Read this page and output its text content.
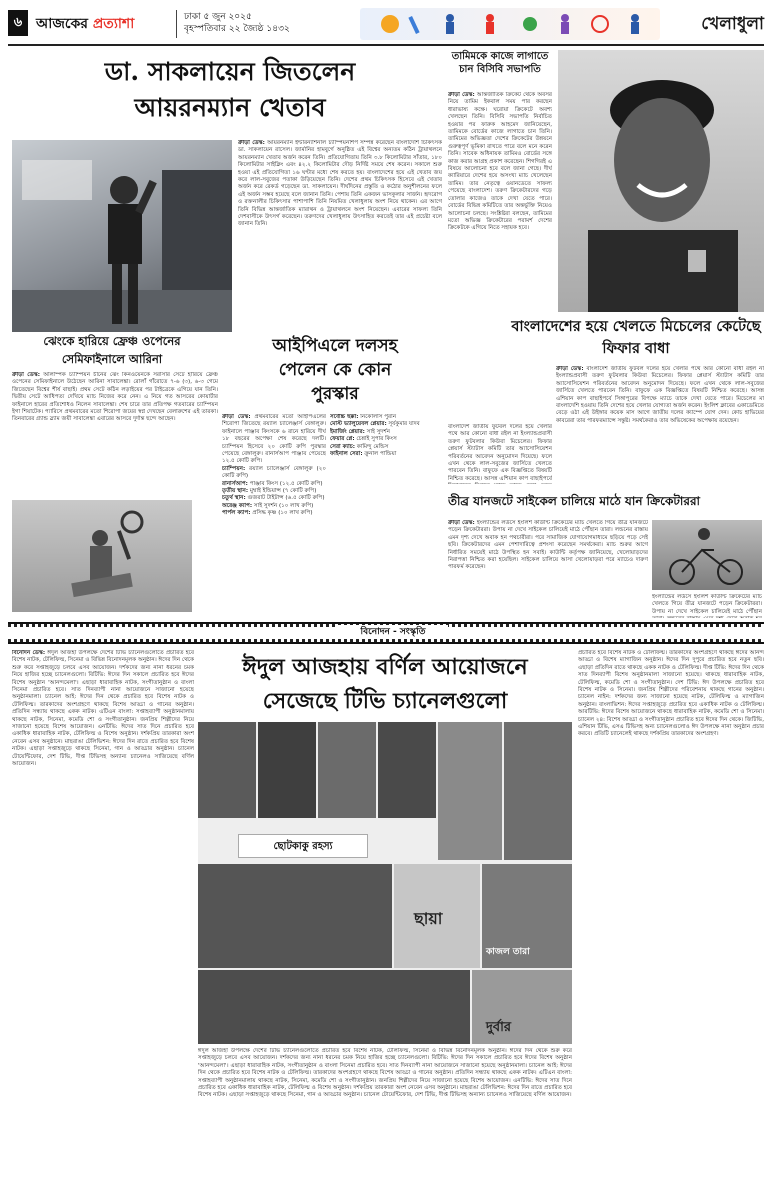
৬ আজকের প্রত্যাশা	ঢাকা ৫ জুন ২০২৫
বৃহস্পতিবার ২২ জ্যৈষ্ঠ ১৪৩২	খেলাধুলা
ডা. সাকলায়েন জিতলেন
আয়রনম্যান খেতাব
ক্রীড়া ডেস্ক: আয়রনম্যান ইন্টারন্যাশনাল চ্যাম্পিয়নশিপ সম্পন্ন করেছেন বাংলাদেশি চিকিৎসক ডা. সাকলায়েন রাসেল। জার্মানির হামবুর্গে অনুষ্ঠিত এই বিশ্বের অন্যতম কঠিন ট্রায়াথলনে আয়রনম্যান খেতাব অর্জন করেন তিনি। প্রতিযোগিতায় তিনি ৩.৮ কিলোমিটার সাঁতার, ১৮০ কিলোমিটার সাইক্লিং এবং ৪২.২ কিলোমিটার দৌড় নির্দিষ্ট সময়ে শেষ করেন। সকালে শুরু হওয়া এই প্রতিযোগিতা ১৬ ঘণ্টার মধ্যে শেষ করতে হয়। বাংলাদেশের হয়ে এই খেতাব জয় করে লাল-সবুজের পতাকা উড়িয়েছেন তিনি। দেশের প্রথম চিকিৎসক হিসেবে এই খেতাব অর্জন করে রেকর্ড গড়েছেন ডা. সাকলায়েন। দীর্ঘদিনের প্রস্তুতি ও কঠোর অনুশীলনের ফলে এই অর্জন সম্ভব হয়েছে বলে জানান তিনি। পেশায় তিনি একজন ভাসকুলার সার্জন। হৃদরোগ ও রক্তনালীর চিকিৎসার পাশাপাশি তিনি নিয়মিত খেলাধুলায় অংশ নিয়ে থাকেন। এর আগে তিনি বিভিন্ন আন্তর্জাতিক ম্যারাথন ও ট্রায়াথলনে অংশ নিয়েছেন। এবারের সাফল্য তিনি দেশবাসীকে উৎসর্গ করেছেন। তরুণদের খেলাধুলায় উৎসাহিত করতেই তার এই প্রচেষ্টা বলে জানান তিনি।
তামিমকে কাজে লাগাতে চান বিসিবি সভাপতি
ক্রীড়া ডেস্ক: আন্তর্জাতিক ক্রিকেট থেকে অবসর নিয়ে তামিম ইকবাল সময় পার করছেন ধারাভাষ্য কক্ষে। ঘরোয়া ক্রিকেটে অবশ্য খেলছেন তিনি। বিসিবি সভাপতি নির্বাচিত হওয়ার পর ফারুক আহমেদ জানিয়েছেন, তামিমকে বোর্ডের কাজে লাগাতে চান তিনি। তামিমের অভিজ্ঞতা দেশের ক্রিকেটের উন্নয়নে গুরুত্বপূর্ণ ভূমিকা রাখতে পারে বলে মনে করেন তিনি। সাবেক অধিনায়ক তামিমও বোর্ডের সঙ্গে কাজ করার আগ্রহ প্রকাশ করেছেন। শিগগিরই এ বিষয়ে আলোচনা হবে বলে জানা গেছে। দীর্ঘ ক্যারিয়ারে দেশের হয়ে অসংখ্য ম্যাচ খেলেছেন তামিম। তার নেতৃত্বে ওয়ানডেতে সাফল্য পেয়েছে বাংলাদেশ। তরুণ ক্রিকেটারদের গড়ে তোলার কাজেও তাকে দেখা যেতে পারে। বোর্ডের বিভিন্ন কমিটিতে তার অন্তর্ভুক্তি নিয়েও আলোচনা চলছে। সংশ্লিষ্টরা বলছেন, তামিমের মতো অভিজ্ঞ ক্রিকেটারের পরামর্শ দেশের ক্রিকেটকে এগিয়ে নিতে সহায়ক হবে।
বাংলাদেশের হয়ে খেলতে মিচেলের কেটেছে ফিফার বাধা
ক্রীড়া ডেস্ক: বাংলাদেশ জাতীয় ফুটবল দলের হয়ে খেলার পথে আর কোনো বাধা রইল না ইংল্যান্ডপ্রবাসী তরুণ ফুটবলার কিউবা মিচেলের। ফিফার প্লেয়ার্স স্ট্যাটাস কমিটি তার অ্যাসোসিয়েশন পরিবর্তনের আবেদন অনুমোদন দিয়েছে। ফলে এখন থেকে লাল-সবুজের জার্সিতে খেলতে পারবেন তিনি। বাফুফে এক বিজ্ঞপ্তিতে বিষয়টি নিশ্চিত করেছে। আসন্ন এশিয়ান কাপ বাছাইপর্বে সিঙ্গাপুরের বিপক্ষে ম্যাচে তাকে দেখা যেতে পারে। মিচেলের মা বাংলাদেশি হওয়ায় তিনি দেশের হয়ে খেলার যোগ্যতা অর্জন করেন। ইংলিশ ক্লাবের একাডেমিতে বেড়ে ওঠা এই উইঙ্গার কয়েক মাস আগে জাতীয় দলের ক্যাম্পে যোগ দেন। কোচ হাভিয়ের কাবরেরা তার পারফরম্যান্সে সন্তুষ্ট। সমর্থকেরাও তার অভিষেকের অপেক্ষায় রয়েছেন।
বাংলাদেশ জাতীয় ফুটবল দলের হয়ে খেলার পথে আর কোনো বাধা রইল না ইংল্যান্ডপ্রবাসী তরুণ ফুটবলার কিউবা মিচেলের। ফিফার প্লেয়ার্স স্ট্যাটাস কমিটি তার অ্যাসোসিয়েশন পরিবর্তনের আবেদন অনুমোদন দিয়েছে। ফলে এখন থেকে লাল-সবুজের জার্সিতে খেলতে পারবেন তিনি। বাফুফে এক বিজ্ঞপ্তিতে বিষয়টি নিশ্চিত করেছে। আসন্ন এশিয়ান কাপ বাছাইপর্বে
ঝেংকে হারিয়ে ফ্রেঞ্চ ওপেনের
সেমিফাইনালে আরিনা
ক্রীড়া ডেস্ক: অলিম্পিক চ্যাম্পিয়ন চীনের ঝেং কিনওয়েনকে সরাসরি সেটে হারিয়ে ফ্রেঞ্চ ওপেনের সেমিফাইনালে উঠেছেন আরিনা সাবালেঙ্কা। রোলাঁ গাঁরোতে ৭-৬ (৩), ৬-৩ গেমে জিতেছেন বিশ্বের শীর্ষ বাছাই। প্রথম সেটে কঠিন লড়াইয়ের পর টাইব্রেকে এগিয়ে যান তিনি। দ্বিতীয় সেটে আধিপত্য দেখিয়ে ম্যাচ নিজের করে নেন। এ নিয়ে গত আসরের কোয়ার্টার ফাইনালে হারের প্রতিশোধও নিলেন সাবালেঙ্কা। শেষ চারে তার প্রতিপক্ষ গতবারের চ্যাম্পিয়ন ইগা শিয়াটেক। প্যারিসে প্রথমবারের মতো শিরোপা জয়ের স্বপ্ন দেখছেন বেলারুশের এই তারকা। তিনবারের গ্র্যান্ড স্ল্যাম জয়ী সাবালেঙ্কা এবারের আসরে দুর্দান্ত ছন্দে আছেন।
আইপিএলে দলসহ
পেলেন কে কোন
পুরস্কার
ক্রীড়া ডেস্ক: প্রথমবারের মতো আইপিএলের শিরোপা জিতেছে রয়্যাল চ্যালেঞ্জার্স বেঙ্গালুরু। ফাইনালে পাঞ্জাব কিংসকে ৬ রানে হারিয়ে দীর্ঘ ১৮ বছরের অপেক্ষা শেষ করেছে দলটি। চ্যাম্পিয়ন হিসেবে ২০ কোটি রুপি পুরস্কার পেয়েছে বেঙ্গালুরু। রানার্সআপ পাঞ্জাব পেয়েছে ১২.৫ কোটি রুপি।
চ্যাম্পিয়ন: রয়্যাল চ্যালেঞ্জার্স বেঙ্গালুরু (২০ কোটি রুপি)
রানার্সআপ: পাঞ্জাব কিংস (১২.৫ কোটি রুপি)
তৃতীয় স্থান: মুম্বাই ইন্ডিয়ান্স (৭ কোটি রুপি)
চতুর্থ স্থান: গুজরাট টাইটান্স (৬.৫ কোটি রুপি)
অরেঞ্জ ক্যাপ: সাই সুদর্শন (১০ লাখ রুপি)
পার্পল ক্যাপ: প্রসিদ্ধ কৃষ্ণ (১০ লাখ রুপি)
সর্বোচ্চ ছক্কা: নিকোলাস পুরান
মোস্ট ভ্যালুয়েবল প্লেয়ার: সূর্যকুমার যাদব
ইমার্জিং প্লেয়ার: সাই সুদর্শন
ফেয়ার প্লে: চেন্নাই সুপার কিংস
সেরা ক্যাচ: কামিন্দু মেন্ডিস
ফাইনাল সেরা: ক্রুনাল পান্ডিয়া
তীব্র যানজটে সাইকেল চালিয়ে মাঠে যান ক্রিকেটাররা
ক্রীড়া ডেস্ক: ইংল্যান্ডের লর্ডসে ইংলিশ কাউন্টি ক্রিকেটের ম্যাচ খেলতে গিয়ে তীব্র যানজটে পড়েন ক্রিকেটাররা। উপায় না দেখে সাইকেল চালিয়েই মাঠে পৌঁছান তারা। লন্ডনের রাস্তায় এমন দৃশ্য দেখে অবাক হন পথচারীরা। পরে সামাজিক যোগাযোগমাধ্যমে ছড়িয়ে পড়ে সেই ছবি। ক্রিকেটারদের এমন পেশাদারিত্বে প্রশংসা করেছেন সমর্থকেরা। ম্যাচ শুরুর আগে নির্ধারিত সময়েই মাঠে উপস্থিত হন সবাই। কাউন্টি কর্তৃপক্ষ জানিয়েছে, খেলোয়াড়দের নিরাপত্তা নিশ্চিত করা হয়েছিল। সাইকেল চালিয়ে আসা খেলোয়াড়রা পরে ম্যাচেও দারুণ পারফর্ম করেছেন।
ইংল্যান্ডের লর্ডসে ইংলিশ কাউন্টি ক্রিকেটের ম্যাচ খেলতে গিয়ে তীব্র যানজটে পড়েন ক্রিকেটাররা। উপায় না দেখে সাইকেল চালিয়েই মাঠে পৌঁছান
বিনোদন - সংস্কৃতি
ঈদুল আজহায় বর্ণিল আয়োজনে
সেজেছে টিভি চ্যানেলগুলো
বিনোদন ডেস্ক: ঈদুল আজহা উপলক্ষে দেশের টিভি চ্যানেলগুলোতে প্রচারিত হবে বিশেষ নাটক, টেলিফিল্ম, সিনেমা ও বিভিন্ন বিনোদনমূলক অনুষ্ঠান। ঈদের দিন থেকে শুরু করে সপ্তাহজুড়ে চলবে এসব আয়োজন। দর্শকদের জন্য নানা ধরনের চমক নিয়ে হাজির হচ্ছে চ্যানেলগুলো। বিটিভি: ঈদের দিন সকালে প্রচারিত হবে ঈদের বিশেষ অনুষ্ঠান 'আনন্দমেলা'। এছাড়া ধারাবাহিক নাটক, সংগীতানুষ্ঠান ও বাংলা সিনেমা প্রচারিত হবে। সাত দিনব্যাপী নানা আয়োজনে সাজানো হয়েছে অনুষ্ঠানমালা। চ্যানেল আই: ঈদের দিন থেকে প্রচারিত হবে বিশেষ নাটক ও টেলিফিল্ম। তারকাদের অংশগ্রহণে থাকছে বিশেষ আড্ডা ও গানের অনুষ্ঠান। প্রতিদিন সন্ধ্যায় থাকছে একক নাটক। এটিএন বাংলা: সপ্তাহব্যাপী অনুষ্ঠানমালায় থাকছে নাটক, সিনেমা, কমেডি শো ও সংগীতানুষ্ঠান। জনপ্রিয় শিল্পীদের নিয়ে সাজানো হয়েছে বিশেষ আয়োজন। এনটিভি: ঈদের সাত দিনে প্রচারিত হবে একাধিক ধারাবাহিক নাটক, টেলিফিল্ম ও বিশেষ অনুষ্ঠান। দর্শকপ্রিয় তারকারা অংশ নেবেন এসব অনুষ্ঠানে। মাছরাঙা টেলিভিশন: ঈদের দিন রাতে প্রচারিত হবে বিশেষ নাটক। এছাড়া সপ্তাহজুড়ে থাকছে সিনেমা, গান ও আড্ডার অনুষ্ঠান। চ্যানেল টোয়েন্টিফোর, দেশ টিভি, দীপ্ত টিভিসহ অন্যান্য চ্যানেলও সাজিয়েছে বর্ণিল আয়োজন।
ছোটকাকু রহস্য
ছায়া
কাজল তারা
দুর্বার
ঈদুল আজহা উপলক্ষে দেশের টিভি চ্যানেলগুলোতে প্রচারিত হবে বিশেষ নাটক, টেলিফিল্ম, সিনেমা ও বিভিন্ন বিনোদনমূলক অনুষ্ঠান। ঈদের দিন থেকে শুরু করে সপ্তাহজুড়ে চলবে এসব আয়োজন। দর্শকদের জন্য নানা ধরনের চমক নিয়ে হাজির হচ্ছে চ্যানেলগুলো। বিটিভি: ঈদের দিন সকালে প্রচারিত হবে ঈদের বিশেষ অনুষ্ঠান 'আনন্দমেলা'। এছাড়া ধারাবাহিক নাটক, সংগীতানুষ্ঠান ও বাংলা সিনেমা প্রচারিত হবে। সাত দিনব্যাপী নানা আয়োজনে সাজানো হয়েছে অনুষ্ঠানমালা। চ্যানেল আই: ঈদের দিন থেকে প্রচারিত হবে বিশেষ নাটক ও টেলিফিল্ম। তারকাদের অংশগ্রহণে থাকছে বিশেষ আড্ডা ও গানের অনুষ্ঠান। প্রতিদিন সন্ধ্যায় থাকছে একক নাটক। এটিএন বাংলা: সপ্তাহব্যাপী অনুষ্ঠানমালায় থাকছে নাটক, সিনেমা, কমেডি শো ও সংগীতানুষ্ঠান। জনপ্রিয় শিল্পীদের নিয়ে সাজানো হয়েছে বিশেষ আয়োজন। এনটিভি: ঈদের সাত দিনে প্রচারিত হবে একাধিক ধারাবাহিক নাটক, টেলিফিল্ম ও বিশেষ অনুষ্ঠান। দর্শকপ্রিয় তারকারা অংশ নেবেন এসব অনুষ্ঠানে। মাছরাঙা টেলিভিশন: ঈদের দিন রাতে প্রচারিত হবে বিশেষ নাটক। এছাড়া সপ্তাহজুড়ে থাকছে সিনেমা, গান ও আড্ডার অনুষ্ঠান। চ্যানেল টোয়েন্টিফোর, দেশ টিভি, দীপ্ত টিভিসহ অন্যান্য চ্যানেলও সাজিয়েছে বর্ণিল আয়োজন।
প্রচারিত হবে বিশেষ নাটক ও টেলিফিল্ম। তারকাদের অংশগ্রহণে থাকছে ঈদের আনন্দ আড্ডা ও বিশেষ ম্যাগাজিন অনুষ্ঠান। ঈদের দিন দুপুরে প্রচারিত হবে নতুন ছবি। এছাড়া প্রতিদিন রাতে থাকছে একক নাটক ও টেলিফিল্ম। দীপ্ত টিভি: ঈদের দিন থেকে সাত দিনব্যাপী বিশেষ অনুষ্ঠানমালা সাজানো হয়েছে। থাকছে ধারাবাহিক নাটক, টেলিফিল্ম, কমেডি শো ও সংগীতানুষ্ঠান। দেশ টিভি: ঈদ উপলক্ষে প্রচারিত হবে বিশেষ নাটক ও সিনেমা। জনপ্রিয় শিল্পীদের পরিবেশনায় থাকছে গানের অনুষ্ঠান। চ্যানেল নাইন: দর্শকদের জন্য সাজানো হয়েছে নাটক, টেলিফিল্ম ও ম্যাগাজিন অনুষ্ঠান। বাংলাভিশন: ঈদের সপ্তাহজুড়ে প্রচারিত হবে একাধিক নাটক ও টেলিফিল্ম। আরটিভি: ঈদের বিশেষ আয়োজনে থাকছে ধারাবাহিক নাটক, কমেডি শো ও সিনেমা। চ্যানেল ২৪: বিশেষ আড্ডা ও সংগীতানুষ্ঠান প্রচারিত হবে ঈদের দিন থেকে। জিটিভি, এশিয়ান টিভি, এসএ টিভিসহ অন্য চ্যানেলগুলোও ঈদ উপলক্ষে নানা অনুষ্ঠান প্রচার করবে। প্রতিটি চ্যানেলেই থাকছে দর্শকপ্রিয় তারকাদের অংশগ্রহণ।
